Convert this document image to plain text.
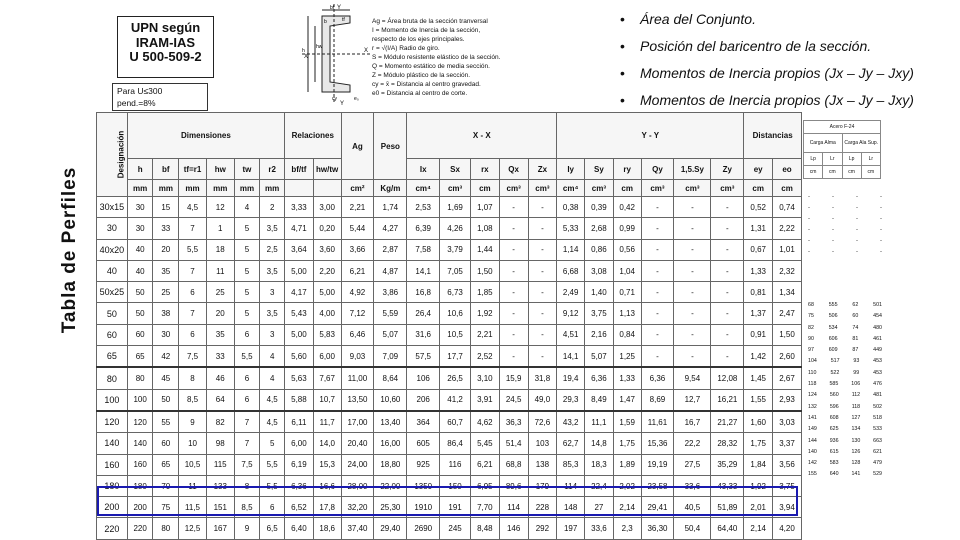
Tabla de Perfiles
UPN según
IRAM-IAS
U 500-509-2
Para U≤300 pend.=8%
Y
bf
tf
b
X
X
h
hw
cy
Y
e₀
Ag = Área bruta de la sección tranversal
I = Momento de Inercia de la sección,
respecto de los ejes principales.
r = √(I/A) Radio de giro.
S = Módulo resistente elástico de la sección.
Q = Momento estático de media sección.
Z = Módulo plástico de la sección.
cy = x̄ = Distancia al centro gravedad.
e0 = Distancia al centro de corte.
• Área del Conjunto.
• Posición del baricentro de la sección.
• Momentos de Inercia propios (Jx – Jy – Jxy)
• Momentos de Inercia propios (Jx – Jy – Jxy)
Designación	Dimensiones						Relaciones		Ag	Peso	X - X					Y - Y						Distancias	
	h	bf	tf=r1	hw	tw	r2	bf/tf	hw/tw			Ix	Sx	rx	Qx	Zx	Iy	Sy	ry	Qy	1,5.Sy	Zy	ey	eo
	mm	mm	mm	mm	mm	mm			cm²	Kg/m	cm⁴	cm³	cm	cm³	cm³	cm⁴	cm³	cm	cm³	cm³	cm³	cm	cm
30x15	30	15	4,5	12	4	2	3,33	3,00	2,21	1,74	2,53	1,69	1,07	-	-	0,38	0,39	0,42	-	-	-	0,52	0,74
30	30	33	7	1	5	3,5	4,71	0,20	5,44	4,27	6,39	4,26	1,08	-	-	5,33	2,68	0,99	-	-	-	1,31	2,22
40x20	40	20	5,5	18	5	2,5	3,64	3,60	3,66	2,87	7,58	3,79	1,44	-	-	1,14	0,86	0,56	-	-	-	0,67	1,01
40	40	35	7	11	5	3,5	5,00	2,20	6,21	4,87	14,1	7,05	1,50	-	-	6,68	3,08	1,04	-	-	-	1,33	2,32
50x25	50	25	6	25	5	3	4,17	5,00	4,92	3,86	16,8	6,73	1,85	-	-	2,49	1,40	0,71	-	-	-	0,81	1,34
50	50	38	7	20	5	3,5	5,43	4,00	7,12	5,59	26,4	10,6	1,92	-	-	9,12	3,75	1,13	-	-	-	1,37	2,47
60	60	30	6	35	6	3	5,00	5,83	6,46	5,07	31,6	10,5	2,21	-	-	4,51	2,16	0,84	-	-	-	0,91	1,50
65	65	42	7,5	33	5,5	4	5,60	6,00	9,03	7,09	57,5	17,7	2,52	-	-	14,1	5,07	1,25	-	-	-	1,42	2,60
80	80	45	8	46	6	4	5,63	7,67	11,00	8,64	106	26,5	3,10	15,9	31,8	19,4	6,36	1,33	6,36	9,54	12,08	1,45	2,67
100	100	50	8,5	64	6	4,5	5,88	10,7	13,50	10,60	206	41,2	3,91	24,5	49,0	29,3	8,49	1,47	8,69	12,7	16,21	1,55	2,93
120	120	55	9	82	7	4,5	6,11	11,7	17,00	13,40	364	60,7	4,62	36,3	72,6	43,2	11,1	1,59	11,61	16,7	21,27	1,60	3,03
140	140	60	10	98	7	5	6,00	14,0	20,40	16,00	605	86,4	5,45	51,4	103	62,7	14,8	1,75	15,36	22,2	28,32	1,75	3,37
160	160	65	10,5	115	7,5	5,5	6,19	15,3	24,00	18,80	925	116	6,21	68,8	138	85,3	18,3	1,89	19,19	27,5	35,29	1,84	3,56
180	180	70	11	133	8	5,5	6,36	16,6	28,00	22,00	1350	150	6,95	89,6	179	114	22,4	2,02	23,58	33,6	43,33	1,92	3,75
200	200	75	11,5	151	8,5	6	6,52	17,8	32,20	25,30	1910	191	7,70	114	228	148	27	2,14	29,41	40,5	51,89	2,01	3,94
220	220	80	12,5	167	9	6,5	6,40	18,6	37,40	29,40	2690	245	8,48	146	292	197	33,6	2,3	36,30	50,4	64,40	2,14	4,20
Acero F-24			
Carga Alma		Carga Ala Sup.	
Lp	Lr	Lp	Lr
cm	cm	cm	cm
-	-	-	-
-	-	-	-
-	-	-	-
-	-	-	-
-	-	-	-
-	-	-	-
68	555	62	501
75	506	60	454
82	534	74	480
90	606	81	461
97	609	87	449
104	517	93	453
110	522	99	453
118 585 106 476
124 560 112 481
132 596 118 502
141 608 127 518
149 625 134 533
144 936 130 663
140 615 126 621
142 583 128 479
155 640 141 529
